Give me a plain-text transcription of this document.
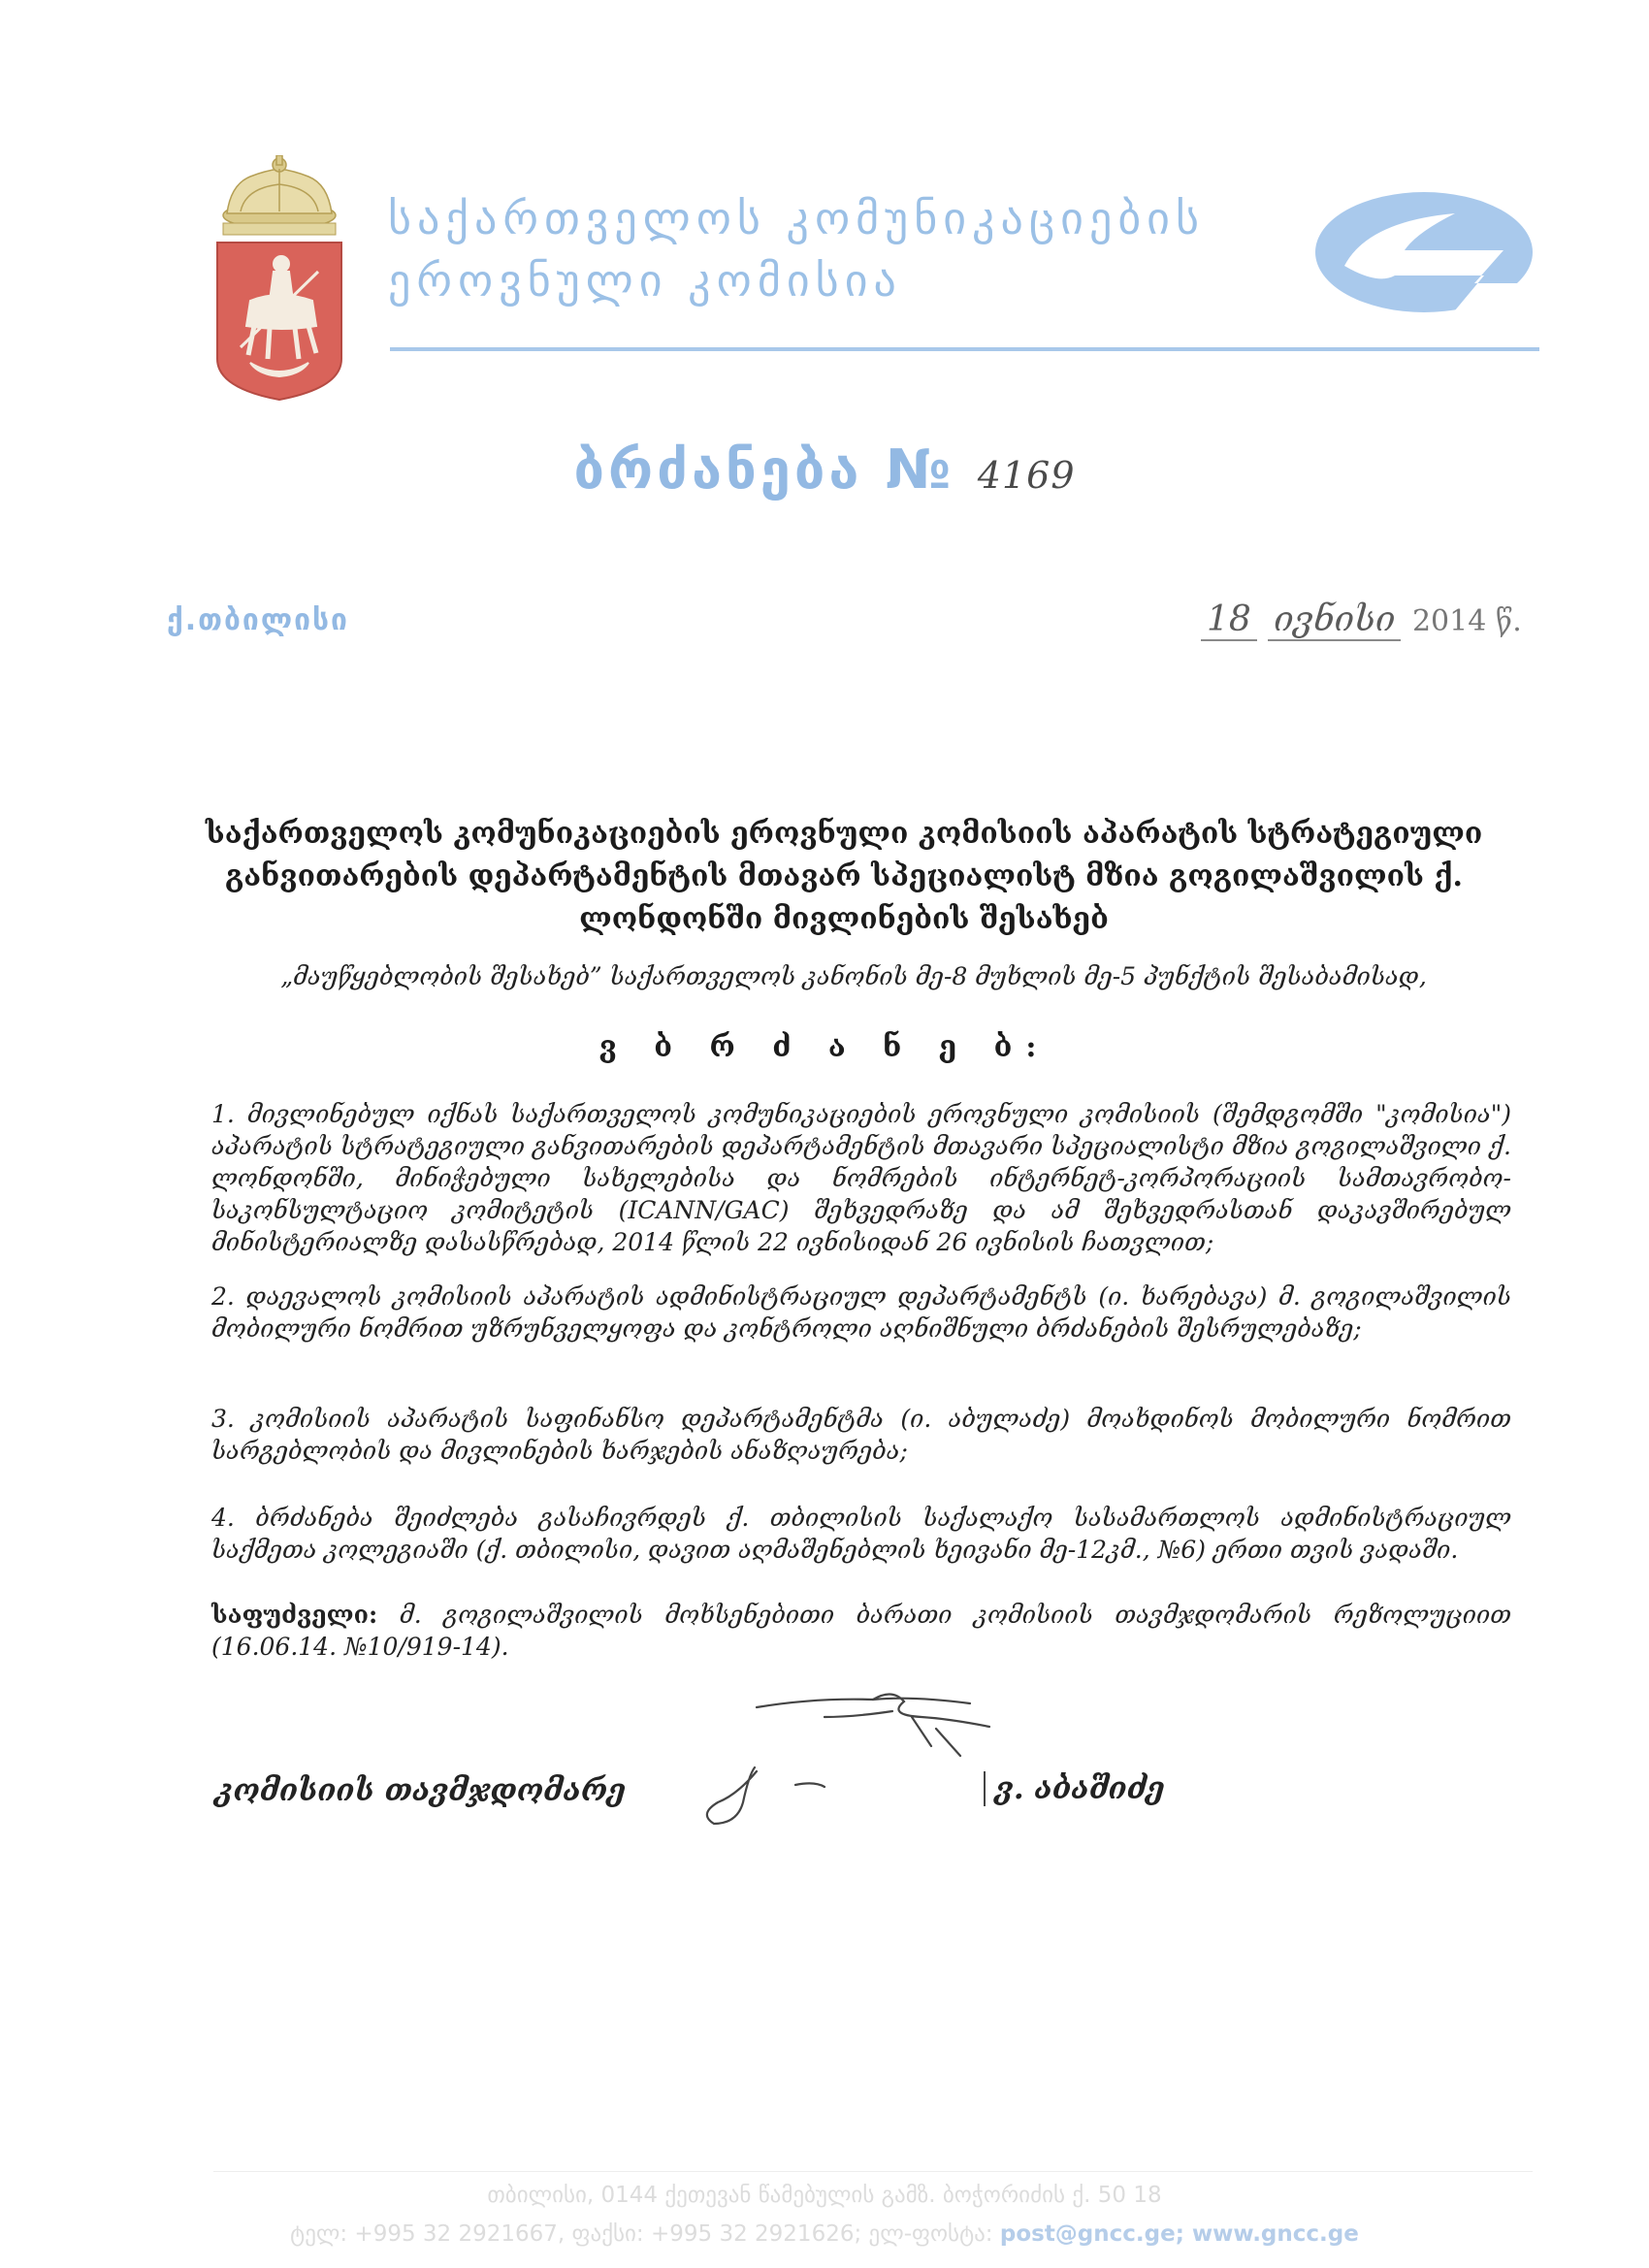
საქართველოს კომუნიკაციების
ეროვნული კომისია
ბრძანება № 4169
ქ.თბილისი	18 ივნისი 2014 წ.
საქართველოს კომუნიკაციების ეროვნული კომისიის აპარატის სტრატეგიული განვითარების დეპარტამენტის მთავარ სპეციალისტ მზია გოგილაშვილის ქ. ლონდონში მივლინების შესახებ
„მაუწყებლობის შესახებ” საქართველოს კანონის მე-8 მუხლის მე-5 პუნქტის შესაბამისად,
ვ ბ რ ძ ა ნ ე ბ:
1. მივლინებულ იქნას საქართველოს კომუნიკაციების ეროვნული კომისიის (შემდგომში "კომისია") აპარატის სტრატეგიული განვითარების დეპარტამენტის მთავარი სპეციალისტი მზია გოგილაშვილი ქ. ლონდონში, მინიჭებული სახელებისა და ნომრების ინტერნეტ-კორპორაციის სამთავრობო-საკონსულტაციო კომიტეტის (ICANN/GAC) შეხვედრაზე და ამ შეხვედრასთან დაკავშირებულ მინისტერიალზე დასასწრებად, 2014 წლის 22 ივნისიდან 26 ივნისის ჩათვლით;
2. დაევალოს კომისიის აპარატის ადმინისტრაციულ დეპარტამენტს (ი. ხარებავა) მ. გოგილაშვილის მობილური ნომრით უზრუნველყოფა და კონტროლი აღნიშნული ბრძანების შესრულებაზე;
3. კომისიის აპარატის საფინანსო დეპარტამენტმა (ი. აბულაძე) მოახდინოს მობილური ნომრით სარგებლობის და მივლინების ხარჯების ანაზღაურება;
4. ბრძანება შეიძლება გასაჩივრდეს ქ. თბილისის საქალაქო სასამართლოს ადმინისტრაციულ საქმეთა კოლეგიაში (ქ. თბილისი, დავით აღმაშენებლის ხეივანი მე-12კმ., №6) ერთი თვის ვადაში.
საფუძველი: მ. გოგილაშვილის მოხსენებითი ბარათი კომისიის თავმჯდომარის რეზოლუციით (16.06.14. №10/919-14).
კომისიის თავმჯდომარე	ვ. აბაშიძე
თბილისი, 0144 ქეთევან წამებულის გამზ. ბოჭორიძის ქ. 50 18
ტელ: +995 32 2921667, ფაქსი: +995 32 2921626; ელ-ფოსტა: post@gncc.ge; www.gncc.ge
